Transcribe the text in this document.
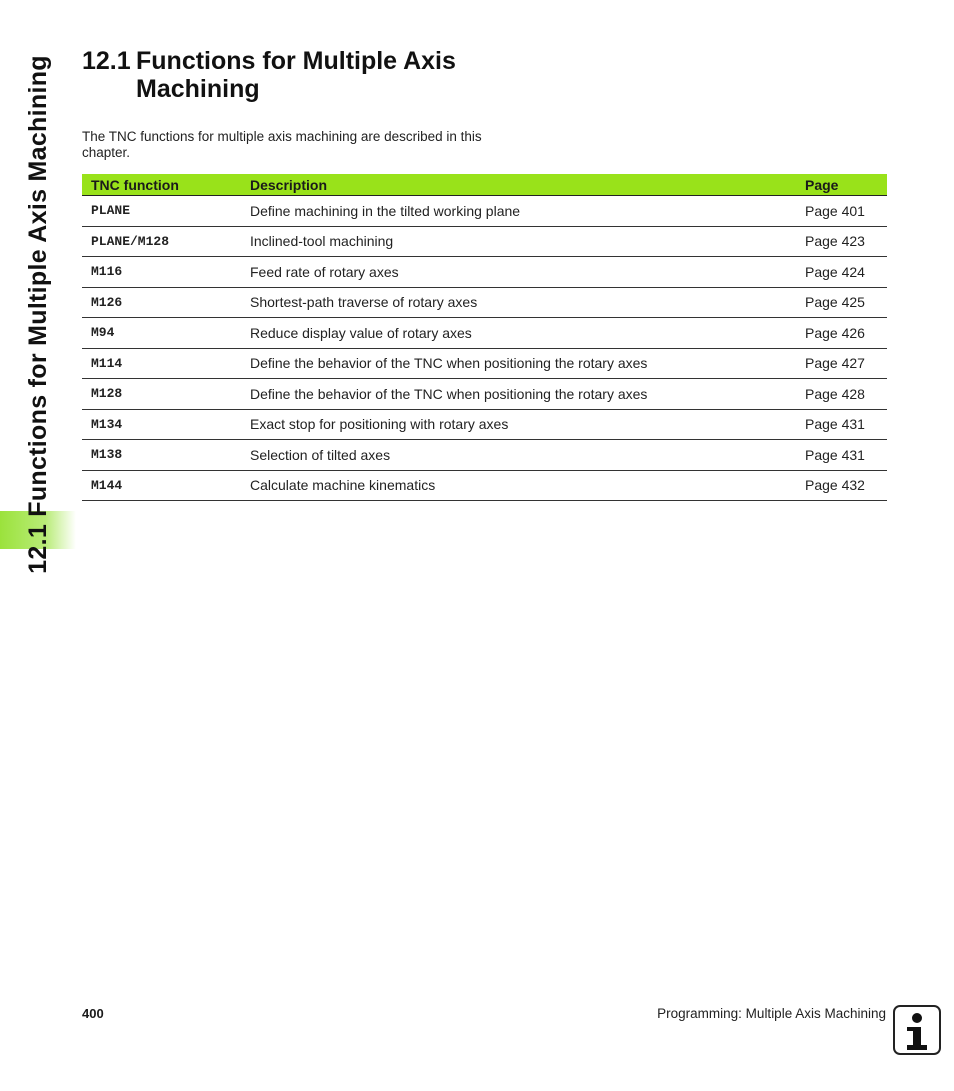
12.1 Functions for Multiple Axis Machining 12.1 Functions for Multiple Axis
Machining
The TNC functions for multiple axis machining are described in this chapter.
TNC function	Description	Page
PLANE	Define machining in the tilted working plane	Page 401
PLANE/M128	Inclined-tool machining	Page 423
M116	Feed rate of rotary axes	Page 424
M126	Shortest-path traverse of rotary axes	Page 425
M94	Reduce display value of rotary axes	Page 426
M114	Define the behavior of the TNC when positioning the rotary axes	Page 427
M128	Define the behavior of the TNC when positioning the rotary axes	Page 428
M134	Exact stop for positioning with rotary axes	Page 431
M138	Selection of tilted axes	Page 431
M144	Calculate machine kinematics	Page 432
400	Programming: Multiple Axis Machining
